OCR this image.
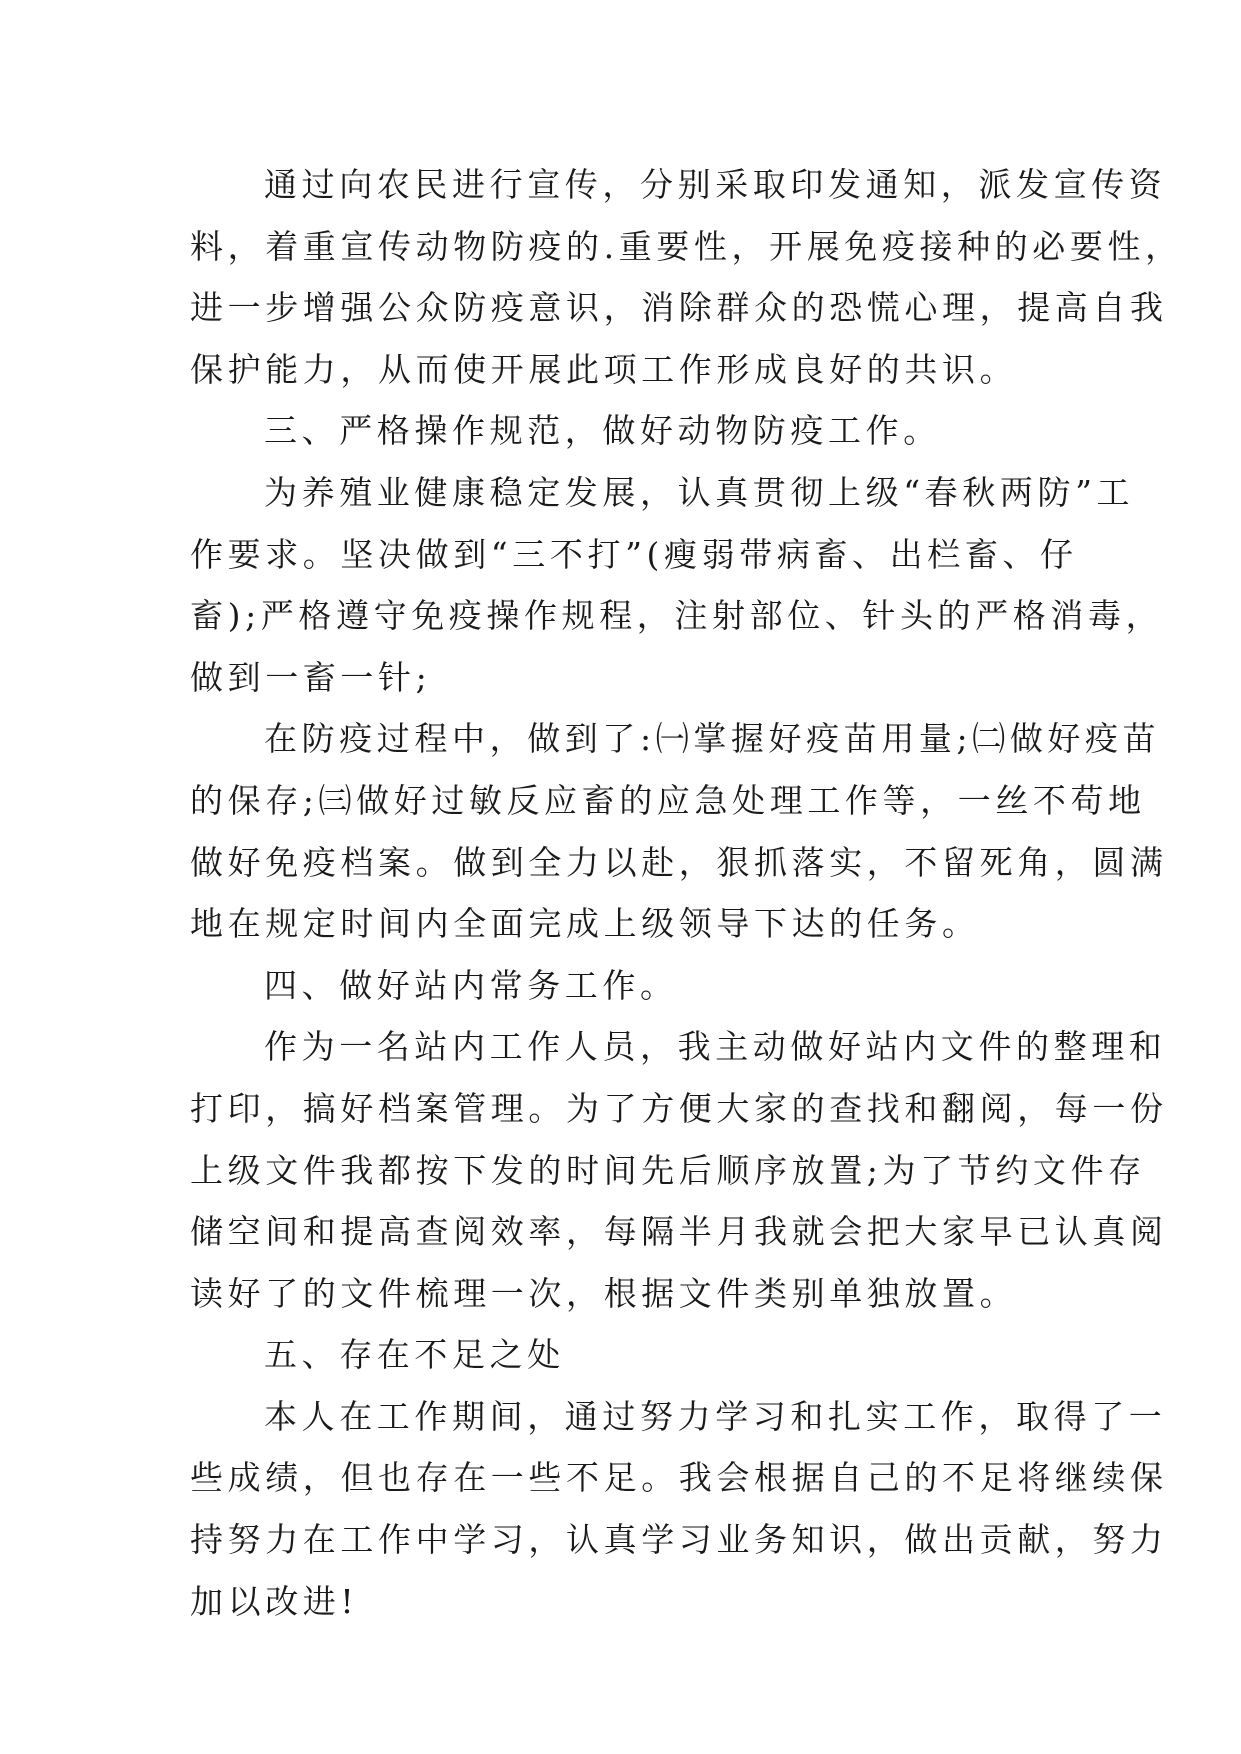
通过向农民进行宣传，分别采取印发通知，派发宣传资
料，着重宣传动物防疫的.重要性，开展免疫接种的必要性，
进一步增强公众防疫意识，消除群众的恐慌心理，提高自我
保护能力，从而使开展此项工作形成良好的共识。
三、严格操作规范，做好动物防疫工作。
为养殖业健康稳定发展，认真贯彻上级“春秋两防”工
作要求。坚决做到“三不打”(瘦弱带病畜、出栏畜、仔
畜);严格遵守免疫操作规程，注射部位、针头的严格消毒，
做到一畜一针;
在防疫过程中，做到了:㈠掌握好疫苗用量;㈡做好疫苗
的保存;㈢做好过敏反应畜的应急处理工作等，一丝不苟地
做好免疫档案。做到全力以赴，狠抓落实，不留死角，圆满
地在规定时间内全面完成上级领导下达的任务。
四、做好站内常务工作。
作为一名站内工作人员，我主动做好站内文件的整理和
打印，搞好档案管理。为了方便大家的查找和翻阅，每一份
上级文件我都按下发的时间先后顺序放置;为了节约文件存
储空间和提高查阅效率，每隔半月我就会把大家早已认真阅
读好了的文件梳理一次，根据文件类别单独放置。
五、存在不足之处
本人在工作期间，通过努力学习和扎实工作，取得了一
些成绩，但也存在一些不足。我会根据自己的不足将继续保
持努力在工作中学习，认真学习业务知识，做出贡献，努力
加以改进!
